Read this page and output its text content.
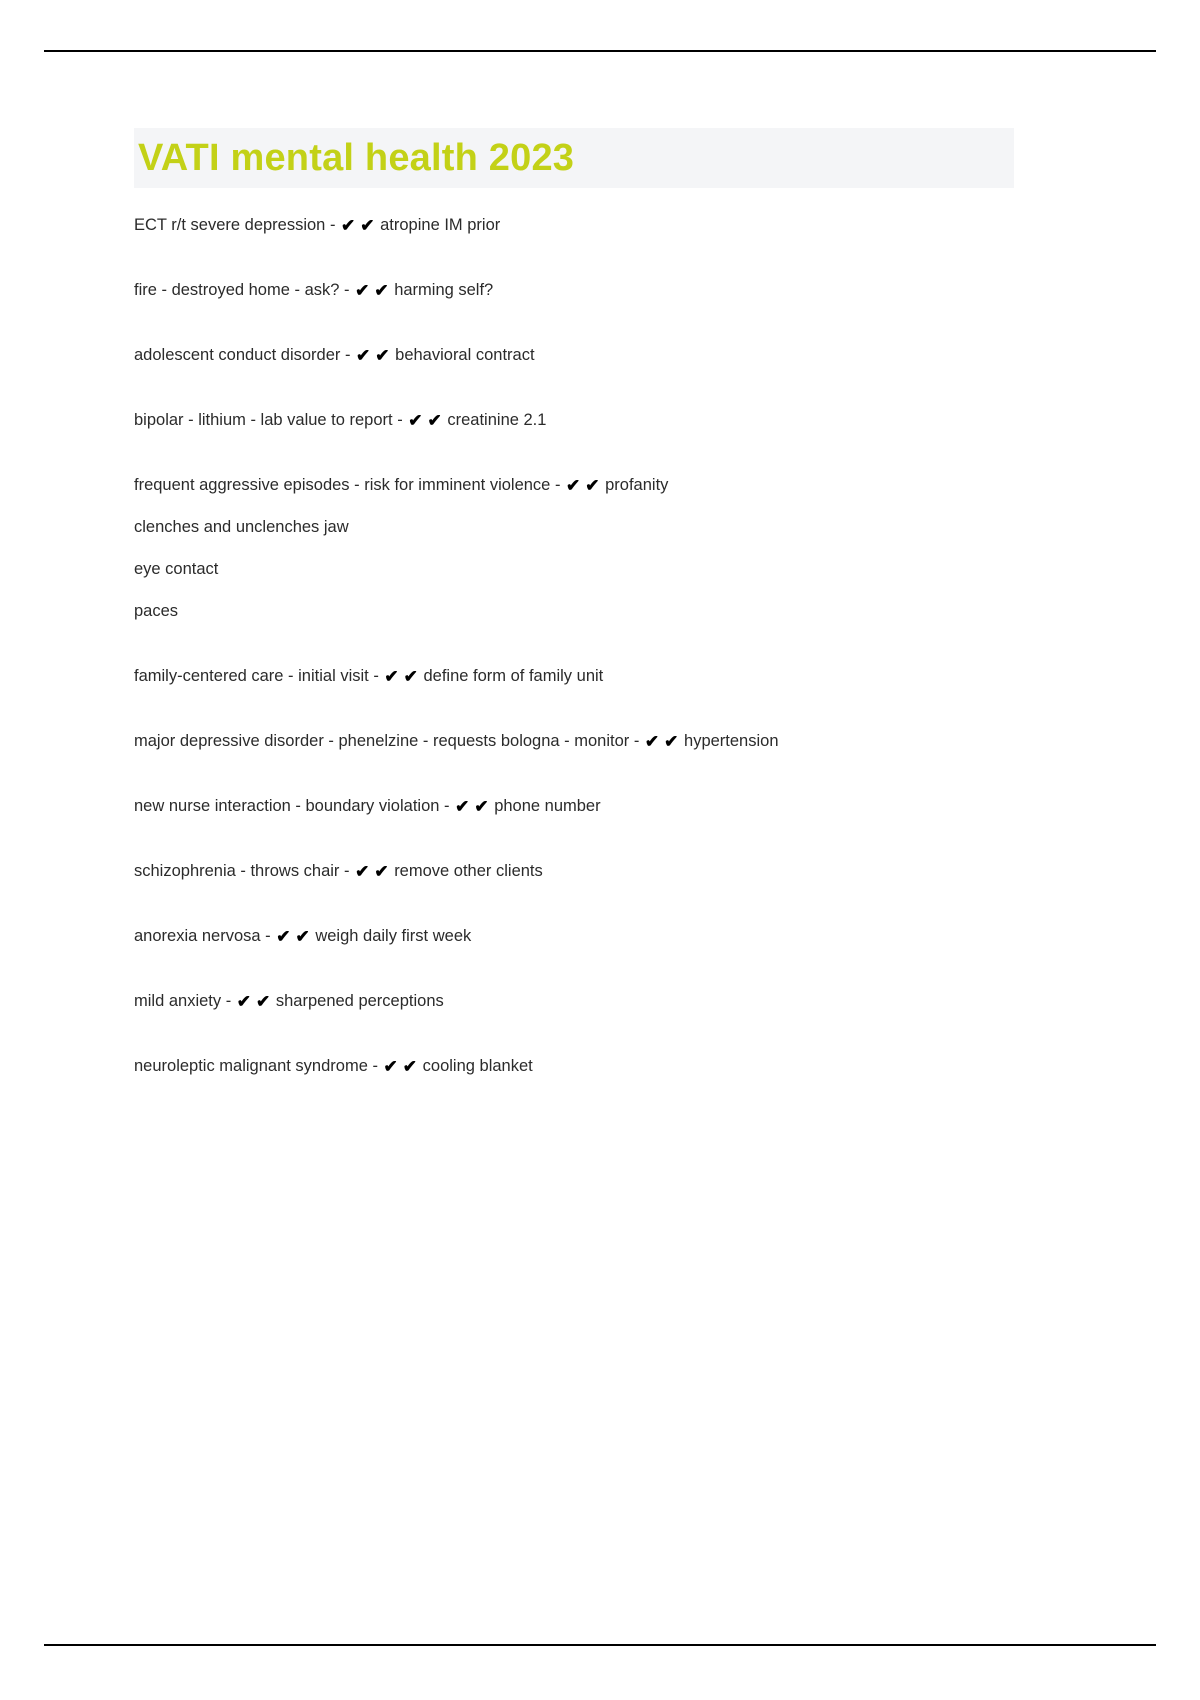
VATI mental health 2023
ECT r/t severe depression - ✔ ✔ atropine IM prior
fire - destroyed home - ask? - ✔ ✔ harming self?
adolescent conduct disorder - ✔ ✔ behavioral contract
bipolar - lithium - lab value to report - ✔ ✔ creatinine 2.1
frequent aggressive episodes - risk for imminent violence - ✔ ✔ profanity
clenches and unclenches jaw
eye contact
paces
family-centered care - initial visit - ✔ ✔ define form of family unit
major depressive disorder - phenelzine - requests bologna - monitor - ✔ ✔ hypertension
new nurse interaction - boundary violation - ✔ ✔ phone number
schizophrenia - throws chair - ✔ ✔ remove other clients
anorexia nervosa - ✔ ✔ weigh daily first week
mild anxiety - ✔ ✔ sharpened perceptions
neuroleptic malignant syndrome - ✔ ✔ cooling blanket
